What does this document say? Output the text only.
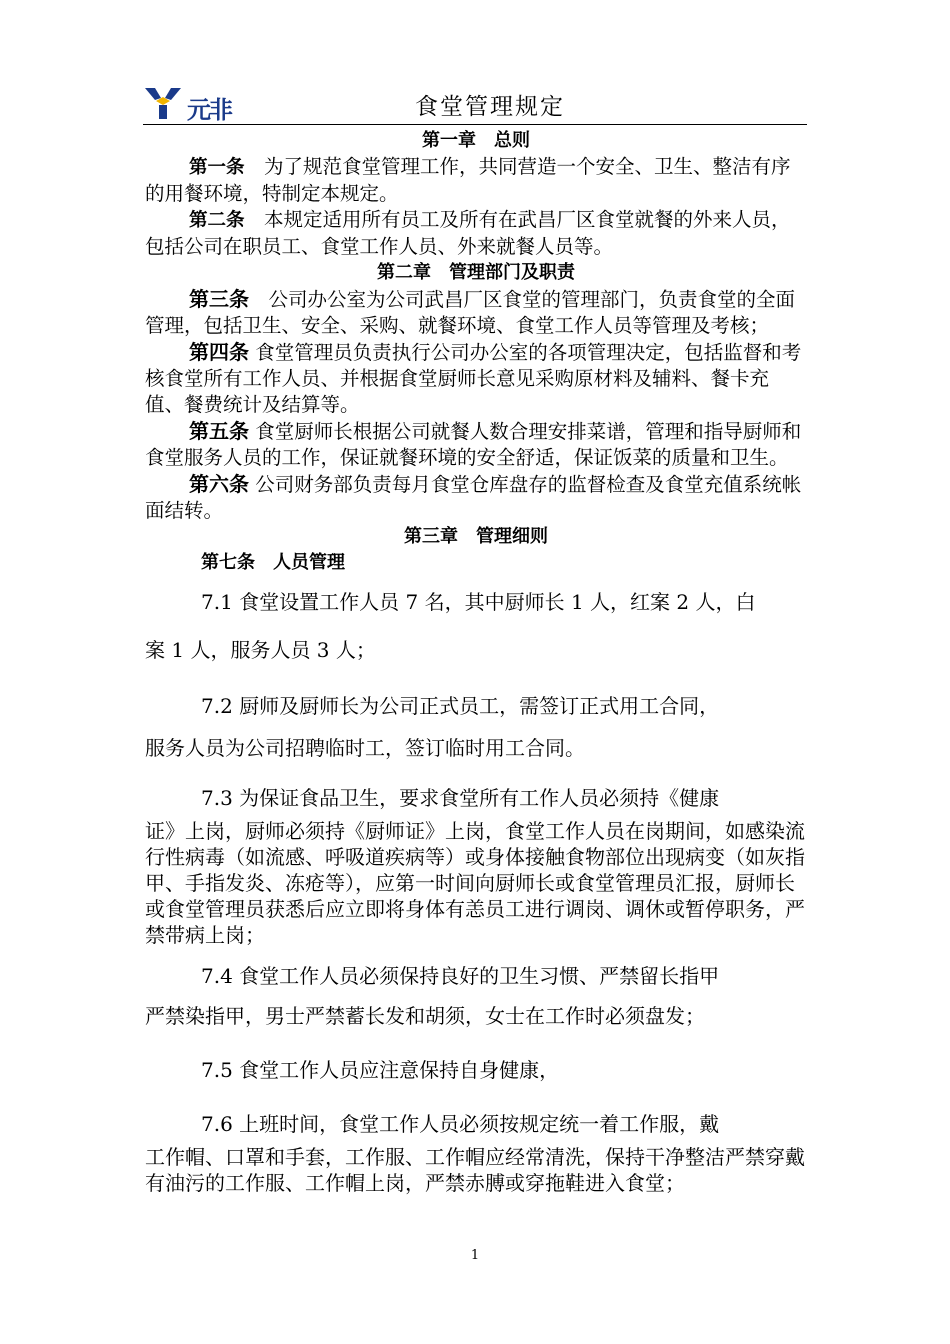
元非	食堂管理规定
第一章　总则

第一条　为了规范食堂管理工作，共同营造一个安全、卫生、整洁有序的用餐环境，特制定本规定。

第二条　本规定适用所有员工及所有在武昌厂区食堂就餐的外来人员，包括公司在职员工、食堂工作人员、外来就餐人员等。

第二章　管理部门及职责

第三条　公司办公室为公司武昌厂区食堂的管理部门，负责食堂的全面管理，包括卫生、安全、采购、就餐环境、食堂工作人员等管理及考核；

第四条 食堂管理员负责执行公司办公室的各项管理决定，包括监督和考核食堂所有工作人员、并根据食堂厨师长意见采购原材料及辅料、餐卡充值、餐费统计及结算等。

第五条 食堂厨师长根据公司就餐人数合理安排菜谱，管理和指导厨师和食堂服务人员的工作，保证就餐环境的安全舒适，保证饭菜的质量和卫生。

第六条 公司财务部负责每月食堂仓库盘存的监督检查及食堂充值系统帐面结转。

第三章　管理细则
第七条　人员管理

7.1 食堂设置工作人员 7 名，其中厨师长 1 人，红案 2 人，白
案 1 人，服务人员 3 人；

7.2 厨师及厨师长为公司正式员工，需签订正式用工合同，
服务人员为公司招聘临时工，签订临时用工合同。

7.3 为保证食品卫生，要求食堂所有工作人员必须持《健康
证》上岗，厨师必须持《厨师证》上岗，食堂工作人员在岗期间，如感染流行性病毒（如流感、呼吸道疾病等）或身体接触食物部位出现病变（如灰指甲、手指发炎、冻疮等），应第一时间向厨师长或食堂管理员汇报，厨师长或食堂管理员获悉后应立即将身体有恙员工进行调岗、调休或暂停职务，严禁带病上岗；

7.4 食堂工作人员必须保持良好的卫生习惯、严禁留长指甲
严禁染指甲，男士严禁蓄长发和胡须，女士在工作时必须盘发；

7.5 食堂工作人员应注意保持自身健康，

7.6 上班时间，食堂工作人员必须按规定统一着工作服，戴
工作帽、口罩和手套，工作服、工作帽应经常清洗，保持干净整洁严禁穿戴有油污的工作服、工作帽上岗，严禁赤膊或穿拖鞋进入食堂；

1
